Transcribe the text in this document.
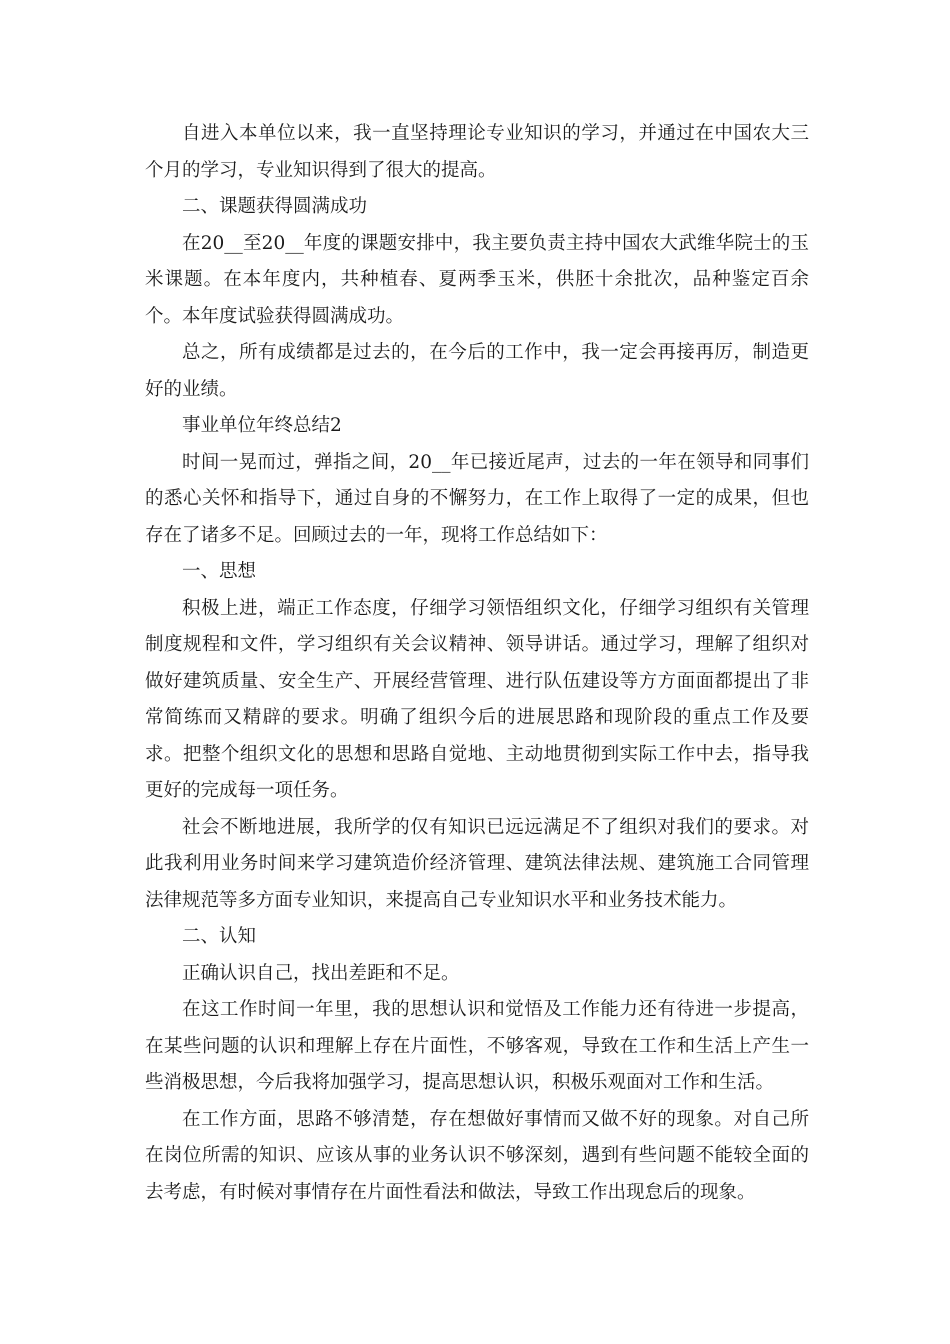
自进入本单位以来，我一直坚持理论专业知识的学习，并通过在中国农大三个月的学习，专业知识得到了很大的提高。

二、课题获得圆满成功

在20__至20__年度的课题安排中，我主要负责主持中国农大武维华院士的玉米课题。在本年度内，共种植春、夏两季玉米，供胚十余批次，品种鉴定百余个。本年度试验获得圆满成功。

总之，所有成绩都是过去的，在今后的工作中，我一定会再接再厉，制造更好的业绩。

事业单位年终总结2

时间一晃而过，弹指之间，20__年已接近尾声，过去的一年在领导和同事们的悉心关怀和指导下，通过自身的不懈努力，在工作上取得了一定的成果，但也存在了诸多不足。回顾过去的一年，现将工作总结如下：

一、思想

积极上进，端正工作态度，仔细学习领悟组织文化，仔细学习组织有关管理制度规程和文件，学习组织有关会议精神、领导讲话。通过学习，理解了组织对做好建筑质量、安全生产、开展经营管理、进行队伍建设等方方面面都提出了非常简练而又精辟的要求。明确了组织今后的进展思路和现阶段的重点工作及要求。把整个组织文化的思想和思路自觉地、主动地贯彻到实际工作中去，指导我更好的完成每一项任务。

社会不断地进展，我所学的仅有知识已远远满足不了组织对我们的要求。对此我利用业务时间来学习建筑造价经济管理、建筑法律法规、建筑施工合同管理法律规范等多方面专业知识，来提高自己专业知识水平和业务技术能力。

二、认知

正确认识自己，找出差距和不足。

在这工作时间一年里，我的思想认识和觉悟及工作能力还有待进一步提高，在某些问题的认识和理解上存在片面性，不够客观，导致在工作和生活上产生一些消极思想，今后我将加强学习，提高思想认识，积极乐观面对工作和生活。

在工作方面，思路不够清楚，存在想做好事情而又做不好的现象。对自己所在岗位所需的知识、应该从事的业务认识不够深刻，遇到有些问题不能较全面的去考虑，有时候对事情存在片面性看法和做法，导致工作出现怠后的现象。
